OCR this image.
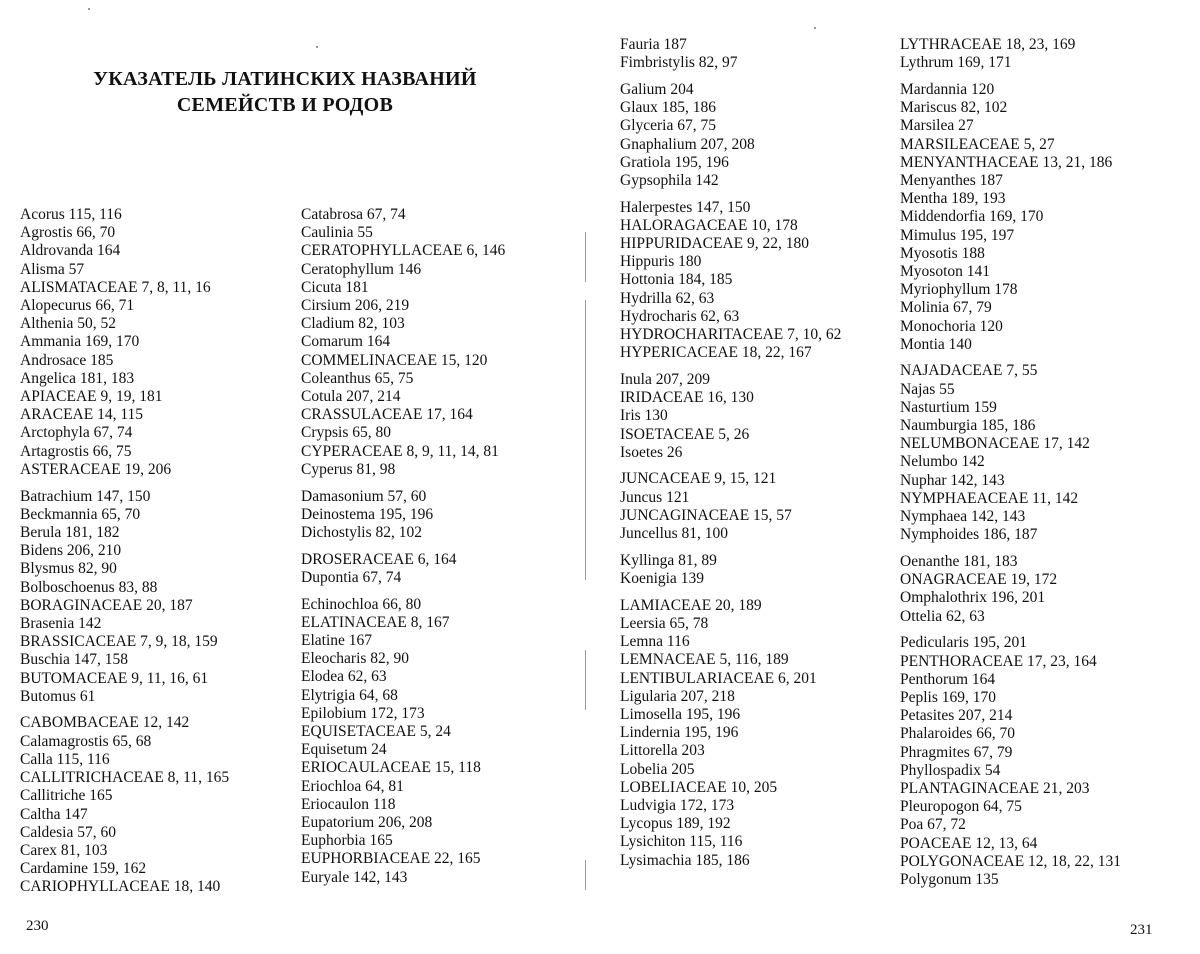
УКАЗАТЕЛЬ ЛАТИНСКИХ НАЗВАНИЙ
СЕМЕЙСТВ И РОДОВ
Acorus 115, 116
Agrostis 66, 70
Aldrovanda 164
Alisma 57
ALISMATACEAE 7, 8, 11, 16
Alopecurus 66, 71
Althenia 50, 52
Ammania 169, 170
Androsace 185
Angelica 181, 183
APIACEAE 9, 19, 181
ARACEAE 14, 115
Arctophyla 67, 74
Artagrostis 66, 75
ASTERACEAE 19, 206
Batrachium 147, 150
Beckmannia 65, 70
Berula 181, 182
Bidens 206, 210
Blysmus 82, 90
Bolboschoenus 83, 88
BORAGINACEAE 20, 187
Brasenia 142
BRASSICACEAE 7, 9, 18, 159
Buschia 147, 158
BUTOMACEAE 9, 11, 16, 61
Butomus 61
CABOMBACEAE 12, 142
Calamagrostis 65, 68
Calla 115, 116
CALLITRICHACEAE 8, 11, 165
Callitriche 165
Caltha 147
Caldesia 57, 60
Carex 81, 103
Cardamine 159, 162
CARIOPHYLLACEAE 18, 140
Catabrosa 67, 74
Caulinia 55
CERATOPHYLLACEAE 6, 146
Ceratophyllum 146
Cicuta 181
Cirsium 206, 219
Cladium 82, 103
Comarum 164
COMMELINACEAE 15, 120
Coleanthus 65, 75
Cotula 207, 214
CRASSULACEAE 17, 164
Crypsis 65, 80
CYPERACEAE 8, 9, 11, 14, 81
Cyperus 81, 98
Damasonium 57, 60
Deinostema 195, 196
Dichostylis 82, 102
DROSERACEAE 6, 164
Dupontia 67, 74
Echinochloa 66, 80
ELATINACEAE 8, 167
Elatine 167
Eleocharis 82, 90
Elodea 62, 63
Elytrigia 64, 68
Epilobium 172, 173
EQUISETACEAE 5, 24
Equisetum 24
ERIOCAULACEAE 15, 118
Eriochloa 64, 81
Eriocaulon 118
Eupatorium 206, 208
Euphorbia 165
EUPHORBIACEAE 22, 165
Euryale 142, 143
Fauria 187
Fimbristylis 82, 97
Galium 204
Glaux 185, 186
Glyceria 67, 75
Gnaphalium 207, 208
Gratiola 195, 196
Gypsophila 142
Halerpestes 147, 150
HALORAGACEAE 10, 178
HIPPURIDACEAE 9, 22, 180
Hippuris 180
Hottonia 184, 185
Hydrilla 62, 63
Hydrocharis 62, 63
HYDROCHARITACEAE 7, 10, 62
HYPERICACEAE 18, 22, 167
Inula 207, 209
IRIDACEAE 16, 130
Iris 130
ISOETACEAE 5, 26
Isoetes 26
JUNCACEAE 9, 15, 121
Juncus 121
JUNCAGINACEAE 15, 57
Juncellus 81, 100
Kyllinga 81, 89
Koenigia 139
LAMIACEAE 20, 189
Leersia 65, 78
Lemna 116
LEMNACEAE 5, 116, 189
LENTIBULARIACEAE 6, 201
Ligularia 207, 218
Limosella 195, 196
Lindernia 195, 196
Littorella 203
Lobelia 205
LOBELIACEAE 10, 205
Ludvigia 172, 173
Lycopus 189, 192
Lysichiton 115, 116
Lysimachia 185, 186
LYTHRACEAE 18, 23, 169
Lythrum 169, 171
Mardannia 120
Mariscus 82, 102
Marsilea 27
MARSILEACEAE 5, 27
MENYANTHACEAE 13, 21, 186
Menyanthes 187
Mentha 189, 193
Middendorfia 169, 170
Mimulus 195, 197
Myosotis 188
Myosoton 141
Myriophyllum 178
Molinia 67, 79
Monochoria 120
Montia 140
NAJADACEAE 7, 55
Najas 55
Nasturtium 159
Naumburgia 185, 186
NELUMBONACEAE 17, 142
Nelumbo 142
Nuphar 142, 143
NYMPHAEACEAE 11, 142
Nymphaea 142, 143
Nymphoides 186, 187
Oenanthe 181, 183
ONAGRACEAE 19, 172
Omphalothrix 196, 201
Ottelia 62, 63
Pedicularis 195, 201
PENTHORACEAE 17, 23, 164
Penthorum 164
Peplis 169, 170
Petasites 207, 214
Phalaroides 66, 70
Phragmites 67, 79
Phyllospadix 54
PLANTAGINACEAE 21, 203
Pleuropogon 64, 75
Poa 67, 72
POACEAE 12, 13, 64
POLYGONACEAE 12, 18, 22, 131
Polygonum 135
230	231
